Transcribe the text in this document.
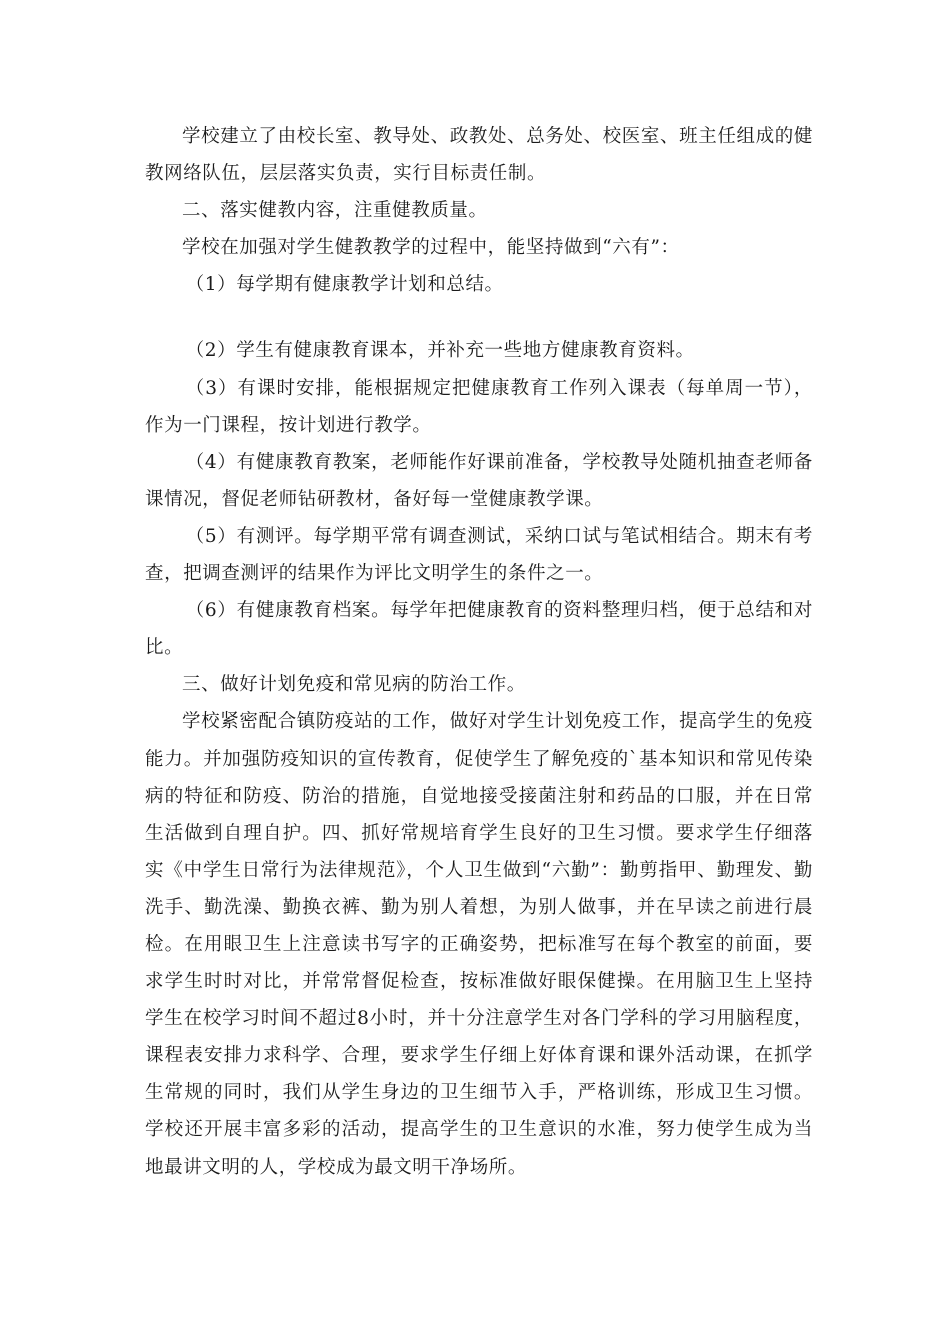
学校建立了由校长室、教导处、政教处、总务处、校医室、班主任组成的健教网络队伍，层层落实负责，实行目标责任制。

二、落实健教内容，注重健教质量。

学校在加强对学生健教教学的过程中，能坚持做到“六有”：

（1）每学期有健康教学计划和总结。

（2）学生有健康教育课本，并补充一些地方健康教育资料。

（3）有课时安排，能根据规定把健康教育工作列入课表（每单周一节），作为一门课程，按计划进行教学。

（4）有健康教育教案，老师能作好课前准备，学校教导处随机抽查老师备课情况，督促老师钻研教材，备好每一堂健康教学课。

（5）有测评。每学期平常有调查测试，采纳口试与笔试相结合。期末有考查，把调查测评的结果作为评比文明学生的条件之一。

（6）有健康教育档案。每学年把健康教育的资料整理归档，便于总结和对比。

三、做好计划免疫和常见病的防治工作。

学校紧密配合镇防疫站的工作，做好对学生计划免疫工作，提高学生的免疫能力。并加强防疫知识的宣传教育，促使学生了解免疫的`基本知识和常见传染病的特征和防疫、防治的措施，自觉地接受接菌注射和药品的口服，并在日常生活做到自理自护。四、抓好常规培育学生良好的卫生习惯。要求学生仔细落实《中学生日常行为法律规范》，个人卫生做到“六勤”：勤剪指甲、勤理发、勤洗手、勤洗澡、勤换衣裤、勤为别人着想，为别人做事，并在早读之前进行晨检。在用眼卫生上注意读书写字的正确姿势，把标准写在每个教室的前面，要求学生时时对比，并常常督促检查，按标准做好眼保健操。在用脑卫生上坚持学生在校学习时间不超过8小时，并十分注意学生对各门学科的学习用脑程度，课程表安排力求科学、合理，要求学生仔细上好体育课和课外活动课，在抓学生常规的同时，我们从学生身边的卫生细节入手，严格训练，形成卫生习惯。学校还开展丰富多彩的活动，提高学生的卫生意识的水准，努力使学生成为当地最讲文明的人，学校成为最文明干净场所。
